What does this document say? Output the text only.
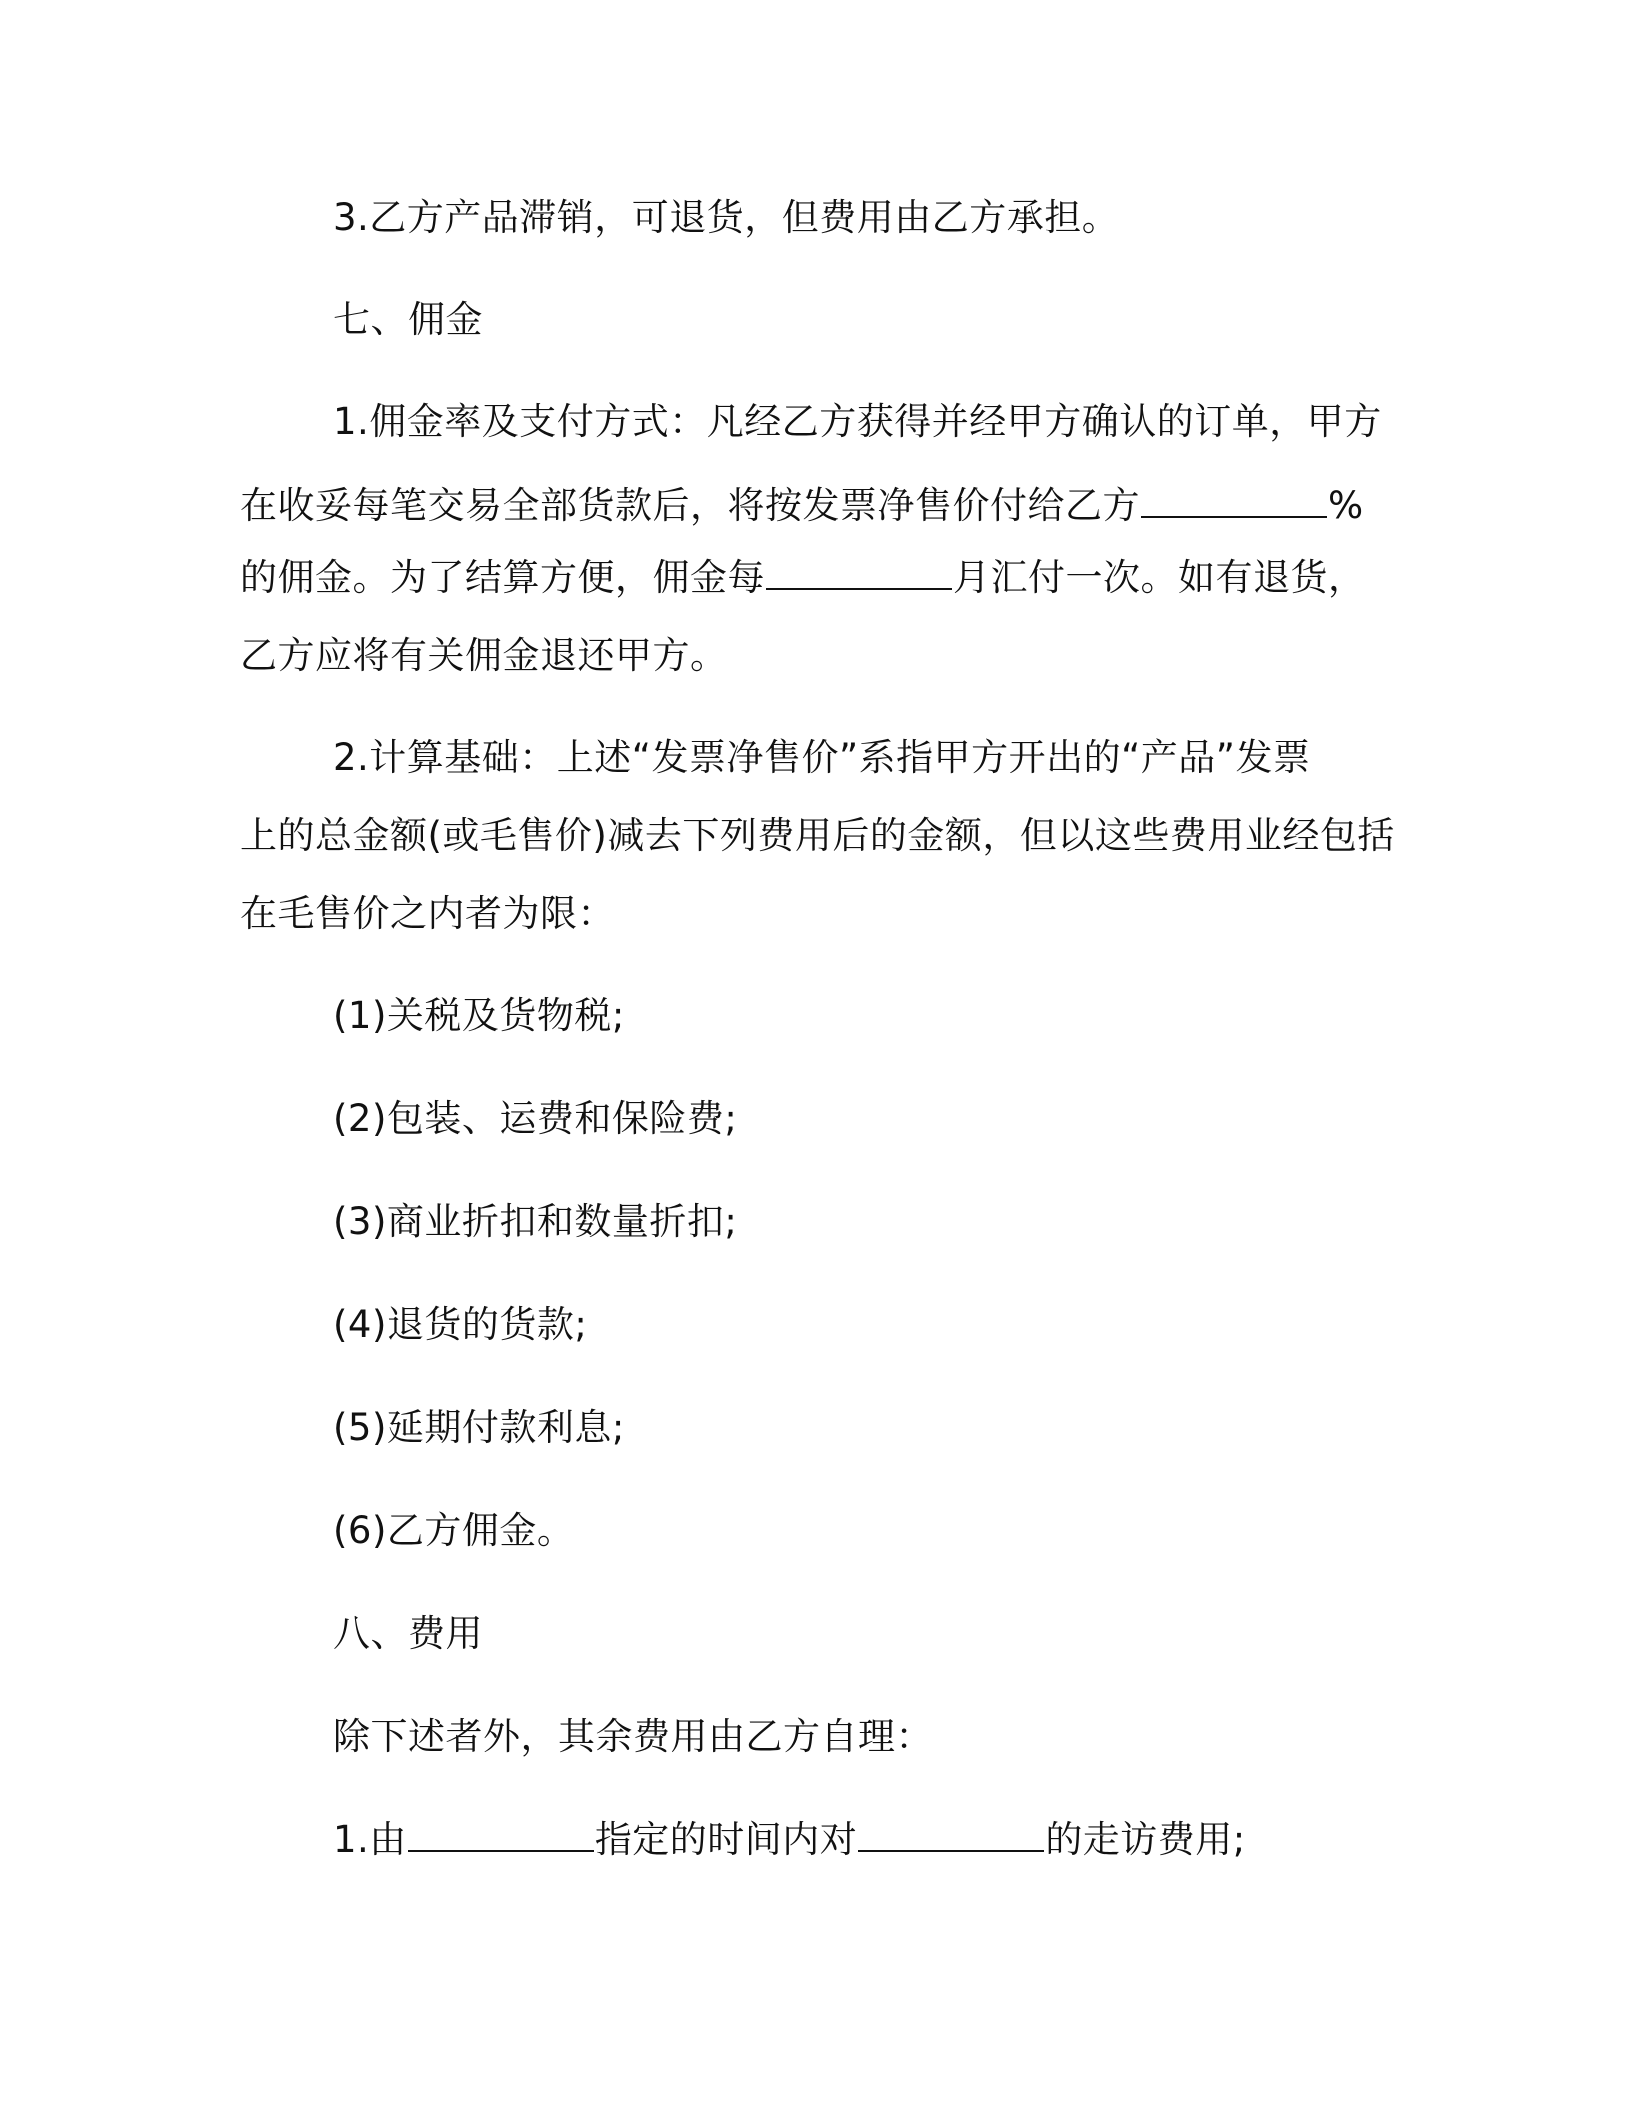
3.乙方产品滞销，可退货，但费用由乙方承担。
七、佣金
1.佣金率及支付方式：凡经乙方获得并经甲方确认的订单，甲方
在收妥每笔交易全部货款后，将按发票净售价付给乙方	%
的佣金。为了结算方便，佣金每	月汇付一次。如有退货，
乙方应将有关佣金退还甲方。
2.计算基础：上述“发票净售价”系指甲方开出的“产品”发票
上的总金额(或毛售价)减去下列费用后的金额，但以这些费用业经包括
在毛售价之内者为限：
(1)关税及货物税;
(2)包装、运费和保险费;
(3)商业折扣和数量折扣;
(4)退货的货款;
(5)延期付款利息;
(6)乙方佣金。
八、费用
除下述者外，其余费用由乙方自理：
1.由	指定的时间内对	的走访费用;
